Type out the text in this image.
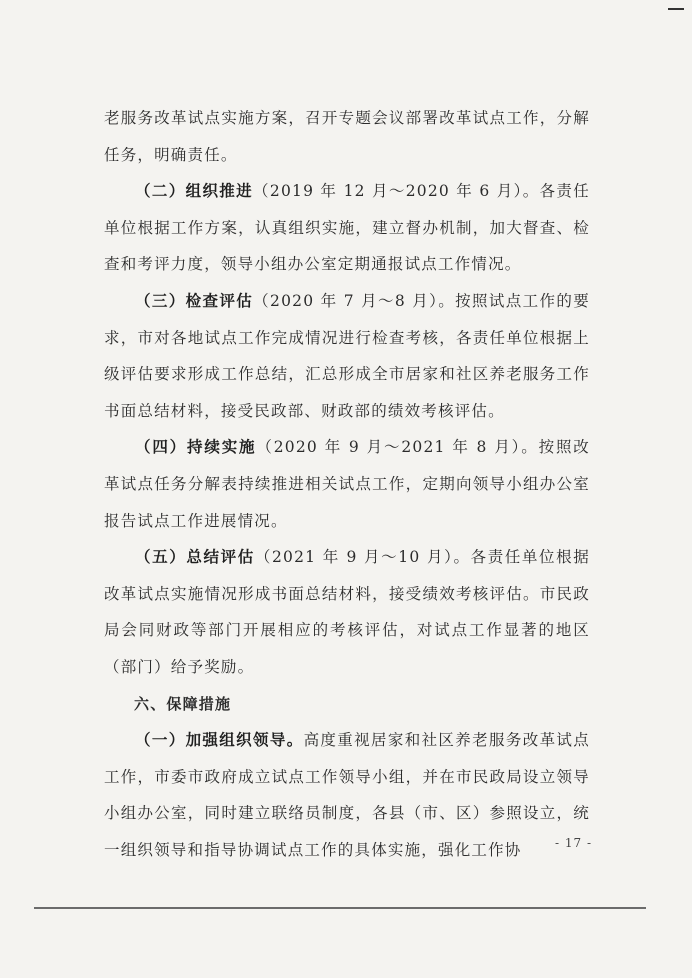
老服务改革试点实施方案，召开专题会议部署改革试点工作，分解任务，明确责任。

（二）组织推进（2019 年 12 月～2020 年 6 月）。各责任单位根据工作方案，认真组织实施，建立督办机制，加大督查、检查和考评力度，领导小组办公室定期通报试点工作情况。

（三）检查评估（2020 年 7 月～8 月）。按照试点工作的要求，市对各地试点工作完成情况进行检查考核，各责任单位根据上级评估要求形成工作总结，汇总形成全市居家和社区养老服务工作书面总结材料，接受民政部、财政部的绩效考核评估。

（四）持续实施（2020 年 9 月～2021 年 8 月）。按照改革试点任务分解表持续推进相关试点工作，定期向领导小组办公室报告试点工作进展情况。

（五）总结评估（2021 年 9 月～10 月）。各责任单位根据改革试点实施情况形成书面总结材料，接受绩效考核评估。市民政局会同财政等部门开展相应的考核评估，对试点工作显著的地区（部门）给予奖励。

六、保障措施

（一）加强组织领导。高度重视居家和社区养老服务改革试点工作，市委市政府成立试点工作领导小组，并在市民政局设立领导小组办公室，同时建立联络员制度，各县（市、区）参照设立，统一组织领导和指导协调试点工作的具体实施，强化工作协	- 17 -
